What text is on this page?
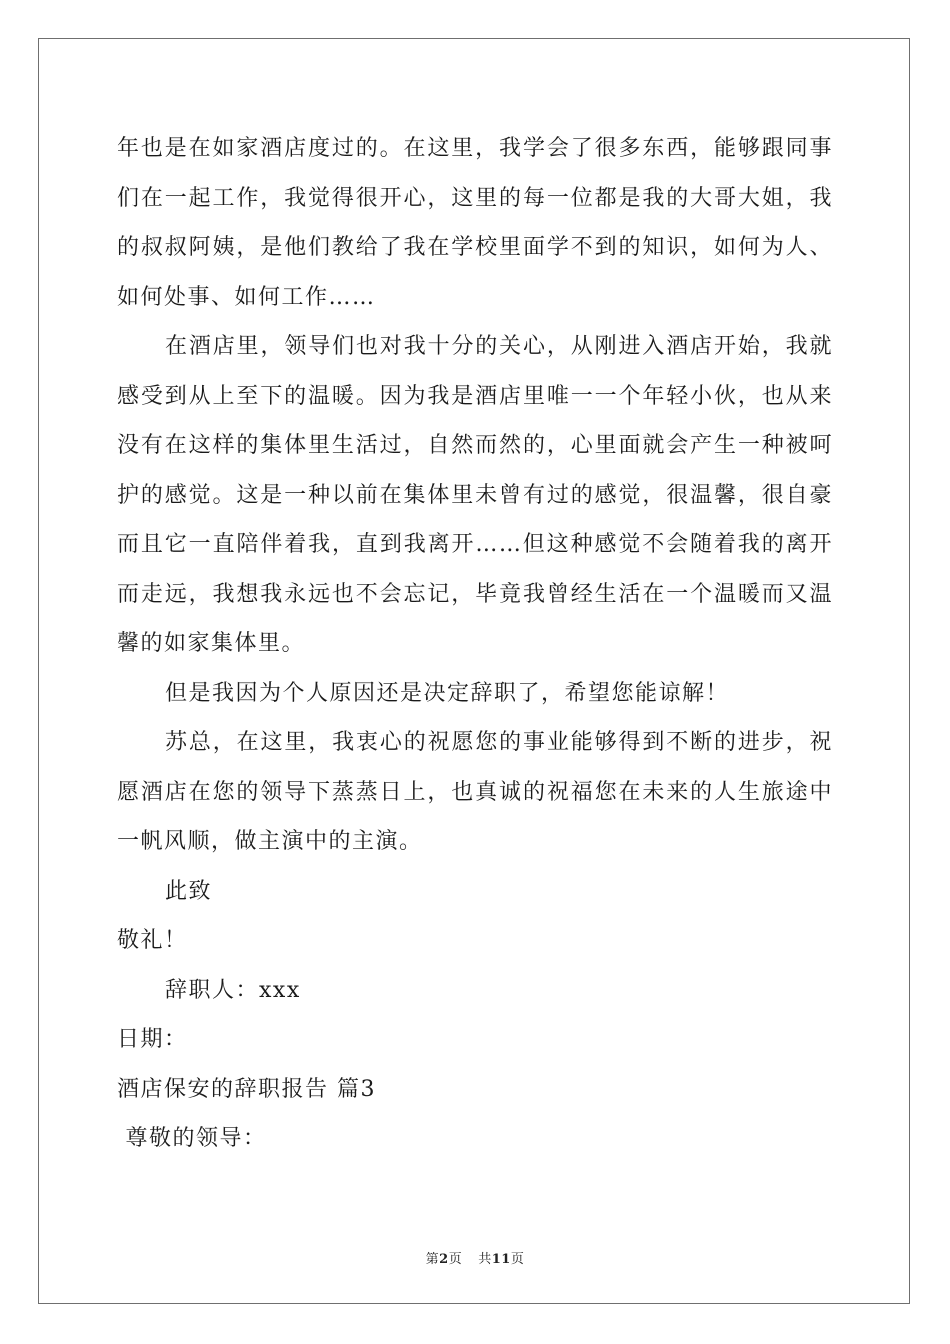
年也是在如家酒店度过的。在这里，我学会了很多东西，能够跟同事们在一起工作，我觉得很开心，这里的每一位都是我的大哥大姐，我的叔叔阿姨，是他们教给了我在学校里面学不到的知识，如何为人、如何处事、如何工作……

在酒店里，领导们也对我十分的关心，从刚进入酒店开始，我就感受到从上至下的温暖。因为我是酒店里唯一一个年轻小伙，也从来没有在这样的集体里生活过，自然而然的，心里面就会产生一种被呵护的感觉。这是一种以前在集体里未曾有过的感觉，很温馨，很自豪而且它一直陪伴着我，直到我离开……但这种感觉不会随着我的离开而走远，我想我永远也不会忘记，毕竟我曾经生活在一个温暖而又温馨的如家集体里。

但是我因为个人原因还是决定辞职了，希望您能谅解！

苏总，在这里，我衷心的祝愿您的事业能够得到不断的进步，祝愿酒店在您的领导下蒸蒸日上，也真诚的祝福您在未来的人生旅途中一帆风顺，做主演中的主演。

此致

敬礼！

辞职人：xxx

日期：

酒店保安的辞职报告 篇3

尊敬的领导：

第2页 共11页
